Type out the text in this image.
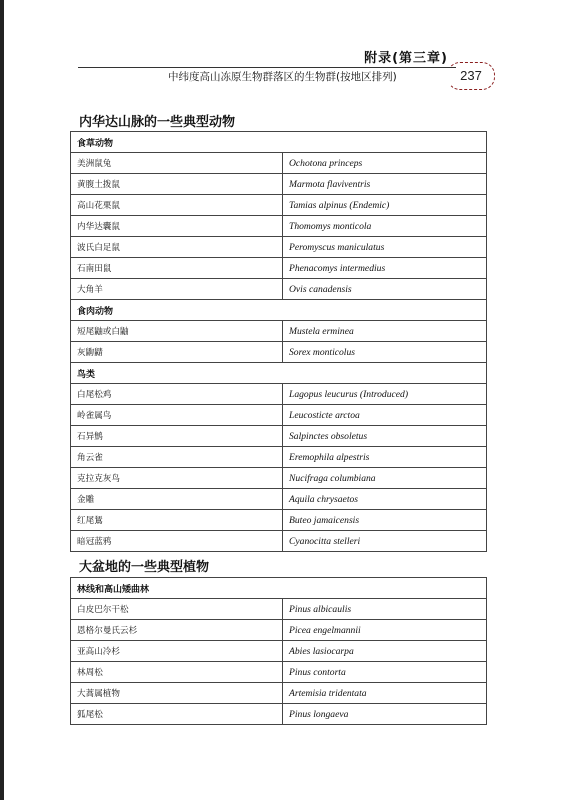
附录(第三章)
中纬度高山冻原生物群落区的生物群(按地区排列)	237
内华达山脉的一些典型动物
食草动物	
美洲鼠兔	Ochotona princeps
黄腹土拨鼠	Marmota flaviventris
高山花栗鼠	Tamias alpinus (Endemic)
内华达囊鼠	Thomomys monticola
波氏白足鼠	Peromyscus maniculatus
石南田鼠	Phenacomys intermedius
大角羊	Ovis canadensis
食肉动物	
短尾鼬或白鼬	Mustela erminea
灰鼩鼱	Sorex monticolus
鸟类	
白尾松鸡	Lagopus leucurus (Introduced)
岭雀属鸟	Leucosticte arctoa
石异鹪	Salpinctes obsoletus
角云雀	Eremophila alpestris
克拉克灰鸟	Nucifraga columbiana
金雕	Aquila chrysaetos
红尾鵟	Buteo jamaicensis
暗冠蓝鸦	Cyanocitta stelleri
大盆地的一些典型植物
林线和高山矮曲林	
白皮巴尔干松	Pinus albicaulis
恩格尔曼氏云杉	Picea engelmannii
亚高山冷杉	Abies lasiocarpa
林周松	Pinus contorta
大蒿属植物	Artemisia tridentata
狐尾松	Pinus longaeva
